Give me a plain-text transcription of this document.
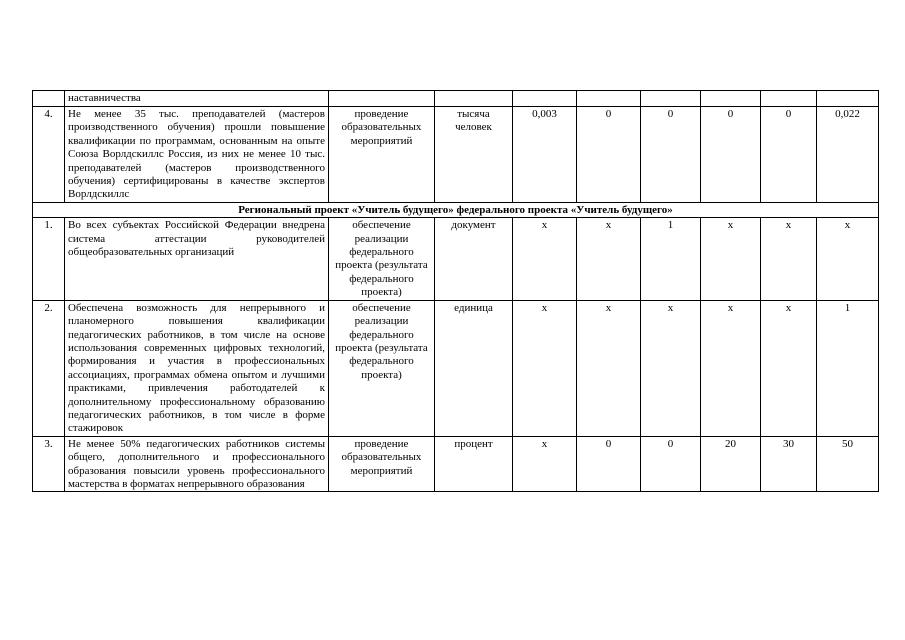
	наставничества								
4.	Не менее 35 тыс. преподавателей (мастеров производственного обучения) прошли повышение квалификации по программам, основанным на опыте Союза Ворлдскиллс Россия, из них не менее 10 тыс. преподавателей (мастеров производственного обучения) сертифицированы в качестве экспертов Ворлдскиллс	проведение образовательных мероприятий	тысяча человек	0,003	0	0	0	0	0,022
Региональный проект «Учитель будущего» федерального проекта «Учитель будущего»									
1.	Во всех субъектах Российской Федерации внедрена система аттестации руководителей общеобразовательных организаций	обеспечение реализации федерального проекта (результата федерального проекта)	документ	х	х	1	х	х	х
2.	Обеспечена возможность для непрерывного и планомерного повышения квалификации педагогических работников, в том числе на основе использования современных цифровых технологий, формирования и участия в профессиональных ассоциациях, программах обмена опытом и лучшими практиками, привлечения работодателей к дополнительному профессиональному образованию педагогических работников, в том числе в форме стажировок	обеспечение реализации федерального проекта (результата федерального проекта)	единица	х	х	х	х	х	1
3.	Не менее 50% педагогических работников системы общего, дополнительного и профессионального образования повысили уровень профессионального мастерства в форматах непрерывного образования	проведение образовательных мероприятий	процент	х	0	0	20	30	50
